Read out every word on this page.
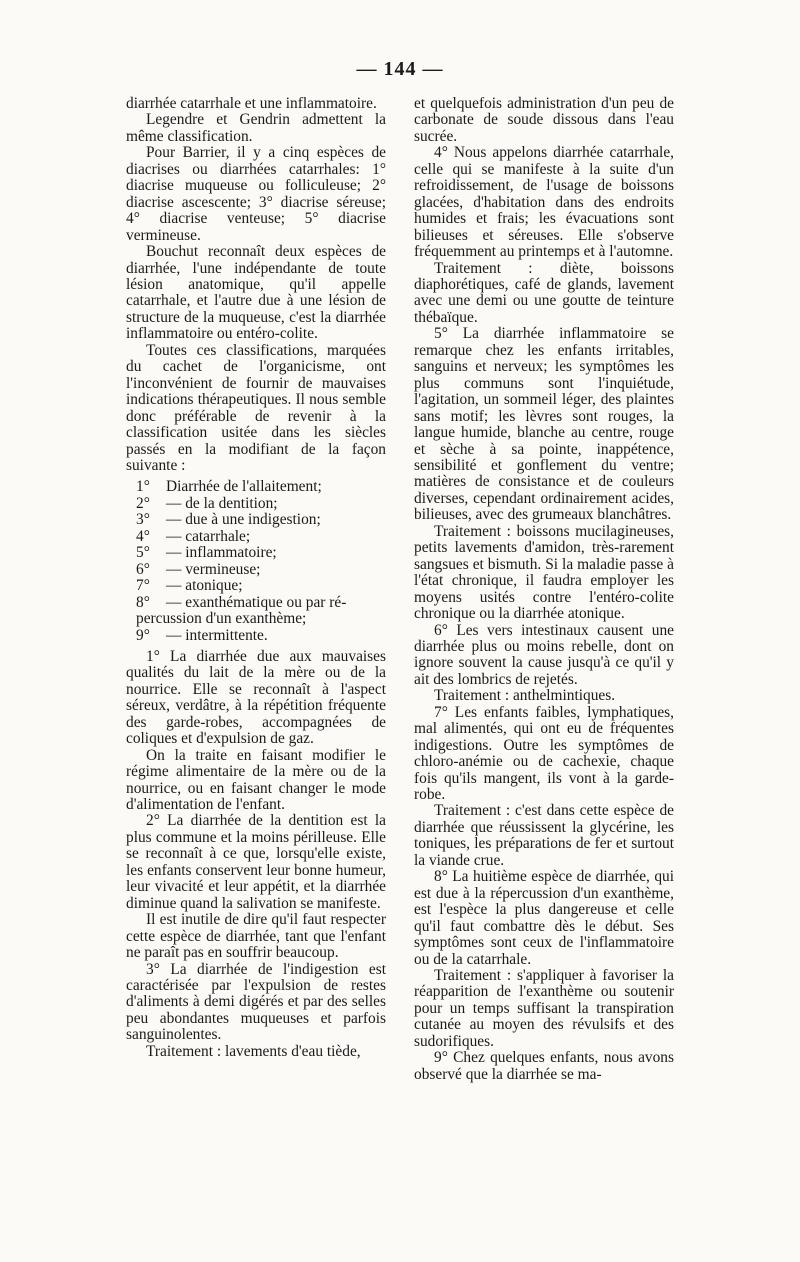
— 144 —

diarrhée catarrhale et une inflammatoire.

Legendre et Gendrin admettent la même classification.

Pour Barrier, il y a cinq espèces de diacrises ou diarrhées catarrhales: 1° diacrise muqueuse ou folliculeuse; 2° diacrise ascescente; 3° diacrise séreuse; 4° diacrise venteuse; 5° diacrise vermineuse.

Bouchut reconnaît deux espèces de diarrhée, l'une indépendante de toute lésion anatomique, qu'il appelle catarrhale, et l'autre due à une lésion de structure de la muqueuse, c'est la diarrhée inflammatoire ou entéro-colite.

Toutes ces classifications, marquées du cachet de l'organicisme, ont l'inconvénient de fournir de mauvaises indications thérapeutiques. Il nous semble donc préférable de revenir à la classification usitée dans les siècles passés en la modifiant de la façon suivante :

1°	Diarrhée de l'allaitement;
2°	— de la dentition;
3°	— due à une indigestion;
4°	— catarrhale;
5°	— inflammatoire;
6°	— vermineuse;
7°	— atonique;
8°	— exanthématique ou par ré-
percussion d'un exanthème;
9°	— intermittente.

1° La diarrhée due aux mauvaises qualités du lait de la mère ou de la nourrice. Elle se reconnaît à l'aspect séreux, verdâtre, à la répétition fréquente des garde-robes, accompagnées de coliques et d'expulsion de gaz.

On la traite en faisant modifier le régime alimentaire de la mère ou de la nourrice, ou en faisant changer le mode d'alimentation de l'enfant.

2° La diarrhée de la dentition est la plus commune et la moins périlleuse. Elle se reconnaît à ce que, lorsqu'elle existe, les enfants conservent leur bonne humeur, leur vivacité et leur appétit, et la diarrhée diminue quand la salivation se manifeste.

Il est inutile de dire qu'il faut respecter cette espèce de diarrhée, tant que l'enfant ne paraît pas en souffrir beaucoup.

3° La diarrhée de l'indigestion est caractérisée par l'expulsion de restes d'aliments à demi digérés et par des selles peu abondantes muqueuses et parfois sanguinolentes.

Traitement : lavements d'eau tiède,

et quelquefois administration d'un peu de carbonate de soude dissous dans l'eau sucrée.

4° Nous appelons diarrhée catarrhale, celle qui se manifeste à la suite d'un refroidissement, de l'usage de boissons glacées, d'habitation dans des endroits humides et frais; les évacuations sont bilieuses et séreuses. Elle s'observe fréquemment au printemps et à l'automne.

Traitement : diète, boissons diaphorétiques, café de glands, lavement avec une demi ou une goutte de teinture thébaïque.

5° La diarrhée inflammatoire se remarque chez les enfants irritables, sanguins et nerveux; les symptômes les plus communs sont l'inquiétude, l'agitation, un sommeil léger, des plaintes sans motif; les lèvres sont rouges, la langue humide, blanche au centre, rouge et sèche à sa pointe, inappétence, sensibilité et gonflement du ventre; matières de consistance et de couleurs diverses, cependant ordinairement acides, bilieuses, avec des grumeaux blanchâtres.

Traitement : boissons mucilagineuses, petits lavements d'amidon, très-rarement sangsues et bismuth. Si la maladie passe à l'état chronique, il faudra employer les moyens usités contre l'entéro-colite chronique ou la diarrhée atonique.

6° Les vers intestinaux causent une diarrhée plus ou moins rebelle, dont on ignore souvent la cause jusqu'à ce qu'il y ait des lombrics de rejetés.

Traitement : anthelmintiques.

7° Les enfants faibles, lymphatiques, mal alimentés, qui ont eu de fréquentes indigestions. Outre les symptômes de chloro-anémie ou de cachexie, chaque fois qu'ils mangent, ils vont à la garde-robe.

Traitement : c'est dans cette espèce de diarrhée que réussissent la glycérine, les toniques, les préparations de fer et surtout la viande crue.

8° La huitième espèce de diarrhée, qui est due à la répercussion d'un exanthème, est l'espèce la plus dangereuse et celle qu'il faut combattre dès le début. Ses symptômes sont ceux de l'inflammatoire ou de la catarrhale.

Traitement : s'appliquer à favoriser la réapparition de l'exanthème ou soutenir pour un temps suffisant la transpiration cutanée au moyen des révulsifs et des sudorifiques.

9° Chez quelques enfants, nous avons observé que la diarrhée se ma-
